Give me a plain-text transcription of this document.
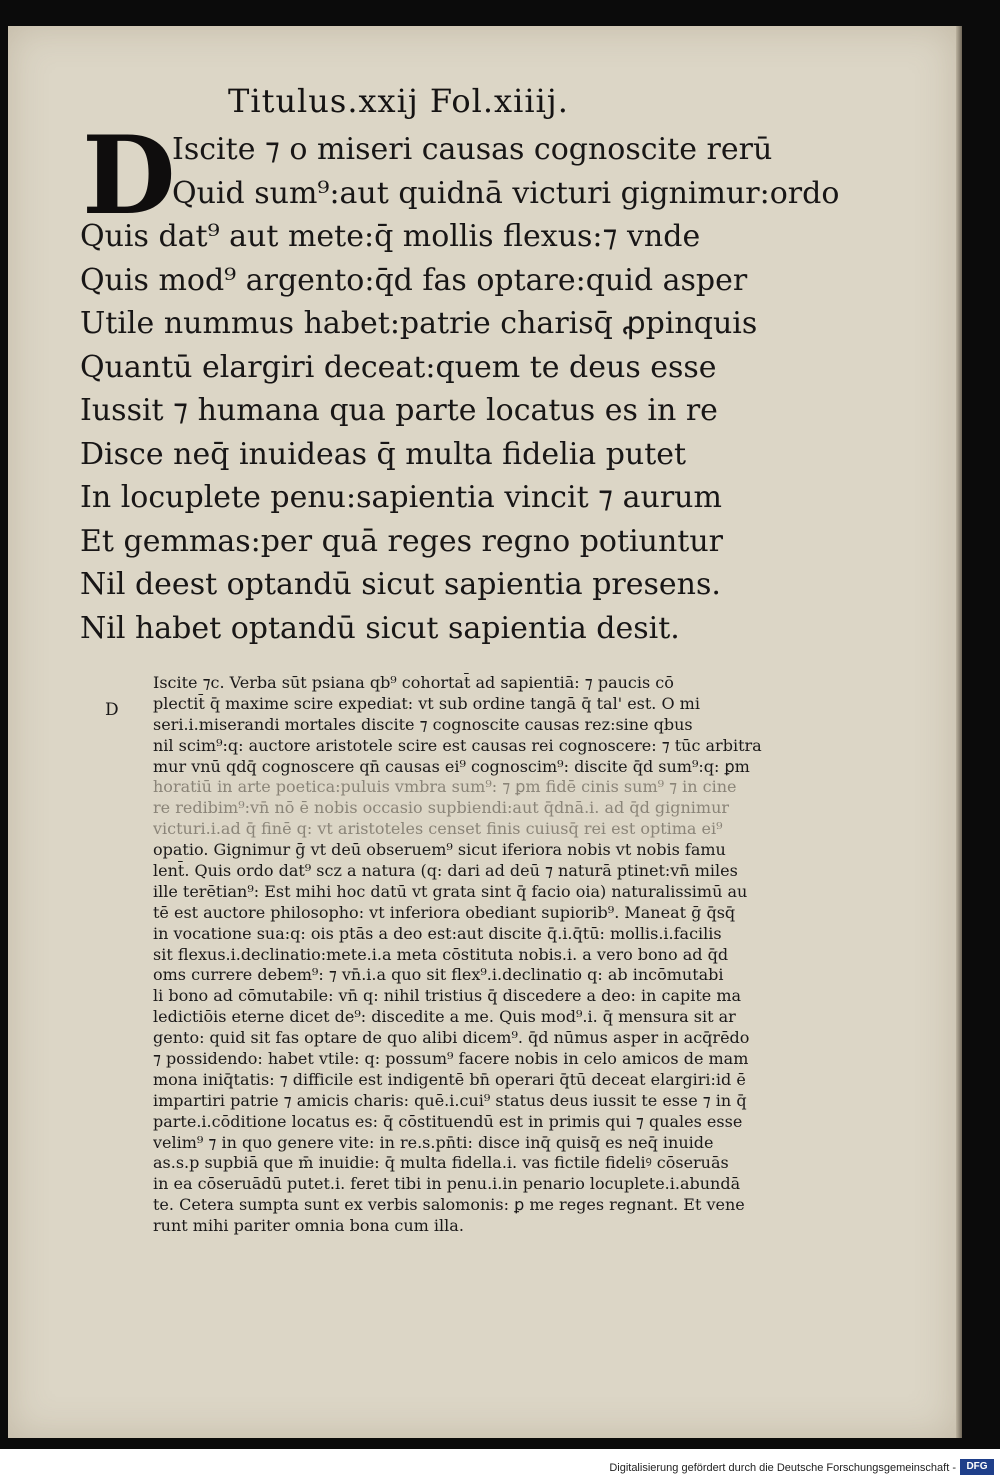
Titulus.xxij Fol.xiiij.
D
Iscite ⁊ o miseri causas cognoscite rerū
Quid sum⁹:aut quidnā victuri gignimur:ordo
Quis dat⁹ aut mete:q̄ mollis flexus:⁊ vnde
Quis mod⁹ argento:q̄d fas optare:quid asper
Utile nummus habet:patrie charisq̄ ꝓpinquis
Quantū elargiri deceat:quem te deus esse
Iussit ⁊ humana qua parte locatus es in re
Disce neq̄ inuideas q̄ multa fidelia putet
In locuplete penu:sapientia vincit ⁊ aurum
Et gemmas:per quā reges regno potiuntur
Nil deest optandū sicut sapientia presens.
Nil habet optandū sicut sapientia desit.
D
Iscite ⁊c. Verba sūt psiana qb⁹ cohortat̄ ad sapientiā: ⁊ paucis cō
plectit̄ q̄ maxime scire expediat: vt sub ordine tangā q̄ tal' est. O mi
seri.i.miserandi mortales discite ⁊ cognoscite causas rez:sine qbus
nil scim⁹:q: auctore aristotele scire est causas rei cognoscere: ⁊ tūc arbitra
mur vnū qdq̄ cognoscere qn̄ causas ei⁹ cognoscim⁹: discite q̄d sum⁹:q: ꝑm
horatiū in arte poetica:puluis vmbra sum⁹: ⁊ ꝑm fidē cinis sum⁹ ⁊ in cine
re redibim⁹:vn̄ nō ē nobis occasio supbiendi:aut q̄dnā.i. ad q̄d gignimur
victuri.i.ad q̄ finē q: vt aristoteles censet finis cuiusq̄ rei est optima ei⁹
opatio. Gignimur ḡ vt deū obseruem⁹ sicut iferiora nobis vt nobis famu
lent̄. Quis ordo dat⁹ scz a natura (q: dari ad deū ⁊ naturā ptinet:vn̄ miles
ille terētian⁹: Est mihi hoc datū vt grata sint q̄ facio oia) naturalissimū au
tē est auctore philosopho: vt inferiora obediant supiorib⁹. Maneat ḡ q̄sq̄
in vocatione sua:q: ois ptās a deo est:aut discite q̄.i.q̄tū: mollis.i.facilis
sit flexus.i.declinatio:mete.i.a meta cōstituta nobis.i. a vero bono ad q̄d
oms currere debem⁹: ⁊ vn̄.i.a quo sit flex⁹.i.declinatio q: ab incōmutabi
li bono ad cōmutabile: vn̄ q: nihil tristius q̄ discedere a deo: in capite ma
ledictiōis eterne dicet de⁹: discedite a me. Quis mod⁹.i. q̄ mensura sit ar
gento: quid sit fas optare de quo alibi dicem⁹. q̄d nūmus asper in acq̄rēdo
⁊ possidendo: habet vtile: q: possum⁹ facere nobis in celo amicos de mam
mona iniq̄tatis: ⁊ difficile est indigentē bn̄ operari q̄tū deceat elargiri:id ē
impartiri patrie ⁊ amicis charis: quē.i.cui⁹ status deus iussit te esse ⁊ in q̄
parte.i.cōditione locatus es: q̄ cōstituendū est in primis qui ⁊ quales esse
velim⁹ ⁊ in quo genere vite: in re.s.pn̄ti: disce inq̄ quisq̄ es neq̄ inuide
as.s.p supbiā que m̄ inuidie: q̄ multa fidella.i. vas fictile fideliꝰ cōseruās
in ea cōseruādū putet.i. feret tibi in penu.i.in penario locuplete.i.abundā
te. Cetera sumpta sunt ex verbis salomonis: ꝑ me reges regnant. Et vene
runt mihi pariter omnia bona cum illa.
Digitalisierung gefördert durch die Deutsche Forschungsgemeinschaft -	DFG
